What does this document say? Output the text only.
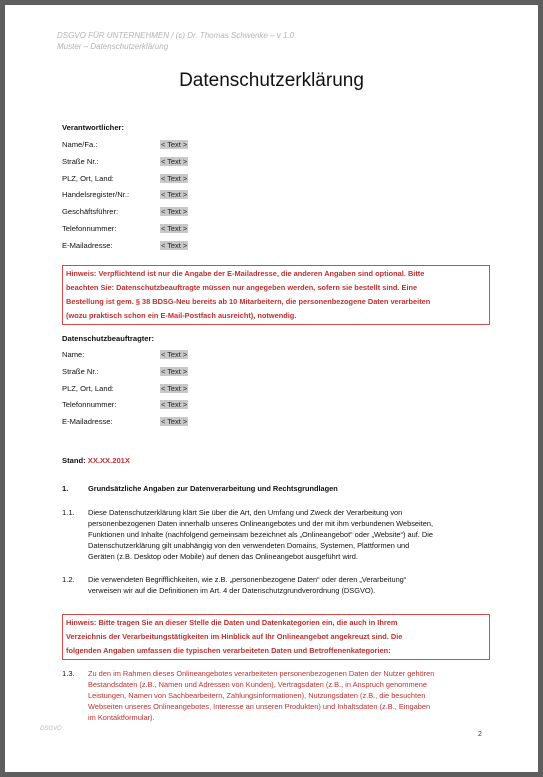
DSGVO FÜR UNTERNEHMEN / (c) Dr. Thomas Schwenke – v 1.0
Muster – Datenschutzerklärung
Datenschutzerklärung
Verantwortlicher:
Name/Fa.:	< Text >
Straße Nr.:	< Text >
PLZ, Ort, Land:	< Text >
Handelsregister/Nr.:	< Text >
Geschäftsführer:	< Text >
Telefonnummer:	< Text >
E-Mailadresse:	< Text >

Hinweis: Verpflichtend ist nur die Angabe der E-Mailadresse, die anderen Angaben sind optional. Bitte

beachten Sie: Datenschutzbeauftragte müssen nur angegeben werden, sofern sie bestellt sind. Eine

Bestellung ist gem. § 38 BDSG-Neu bereits ab 10 Mitarbeitern, die personenbezogene Daten verarbeiten

(wozu praktisch schon ein E-Mail-Postfach ausreicht), notwendig.

Datenschutzbeauftragter:
Name:	< Text >
Straße Nr.:	< Text >
PLZ, Ort, Land:	< Text >
Telefonnummer:	< Text >
E-Mailadresse:	< Text >
Stand: XX.XX.201X
1.	Grundsätzliche Angaben zur Datenverarbeitung und Rechtsgrundlagen
1.1. Diese Datenschutzerklärung klärt Sie über die Art, den Umfang und Zweck der Verarbeitung von
personenbezogenen Daten innerhalb unseres Onlineangebotes und der mit ihm verbundenen Webseiten,
Funktionen und Inhalte (nachfolgend gemeinsam bezeichnet als „Onlineangebot“ oder „Website“) auf. Die
Datenschutzerklärung gilt unabhängig von den verwendeten Domains, Systemen, Plattformen und
Geräten (z.B. Desktop oder Mobile) auf denen das Onlineangebot ausgeführt wird.
1.2. Die verwendeten Begrifflichkeiten, wie z.B. „personenbezogene Daten“ oder deren „Verarbeitung“
verweisen wir auf die Definitionen im Art. 4 der Datenschutzgrundverordnung (DSGVO).

Hinweis: Bitte tragen Sie an dieser Stelle die Daten und Datenkategorien ein, die auch in Ihrem

Verzeichnis der Verarbeitungstätigkeiten im Hinblick auf Ihr Onlineangebot angekreuzt sind. Die

folgenden Angaben umfassen die typischen verarbeiteten Daten und Betroffenenkategorien:

1.3. Zu den im Rahmen dieses Onlineangebotes verarbeiteten personenbezogenen Daten der Nutzer gehören
Bestandsdaten (z.B., Namen und Adressen von Kunden), Vertragsdaten (z.B., in Anspruch genommene
Leistungen, Namen von Sachbearbeitern, Zahlungsinformationen), Nutzungsdaten (z.B., die besuchten
Webseiten unseres Onlineangebotes, Interesse an unseren Produkten) und Inhaltsdaten (z.B., Eingaben
im Kontaktformular).
DSGVO
2
